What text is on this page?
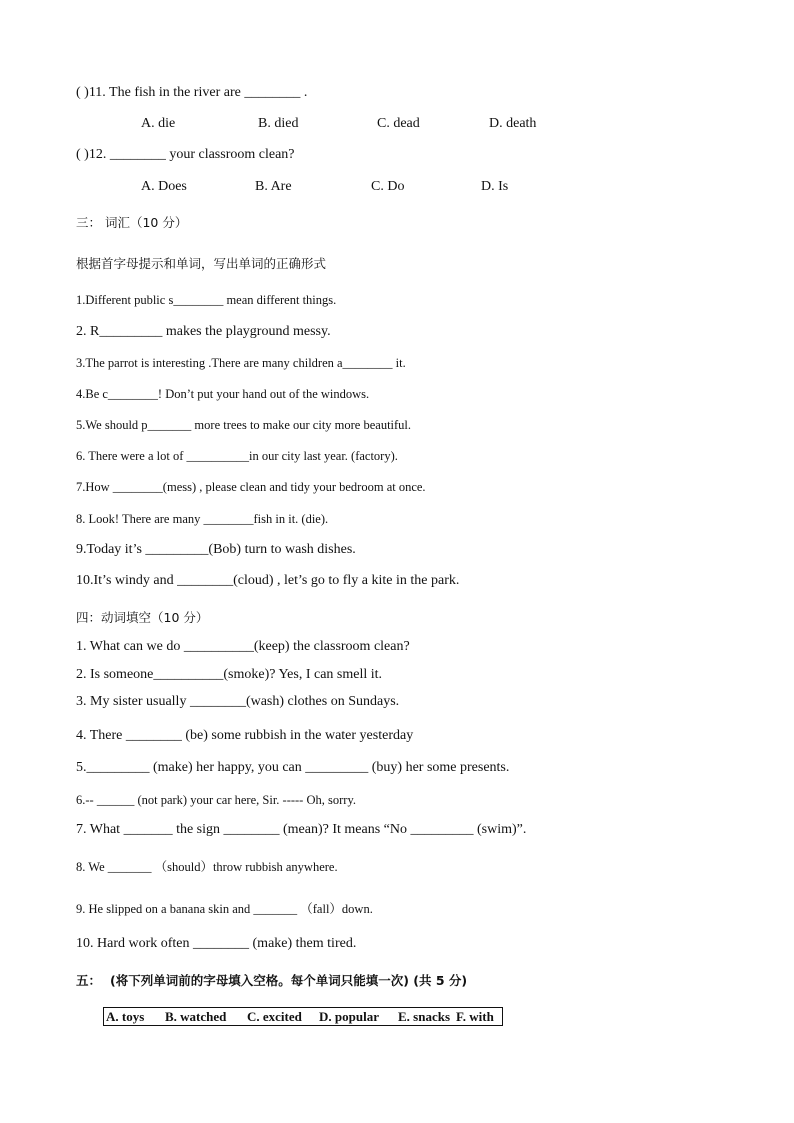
( )11. The fish in the river are ________ .
A. die	B. died	C. dead	D. death
( )12. ________ your classroom clean?
A. Does	B. Are	C. Do	D. Is
三： 词汇（10 分）
根据首字母提示和单词，写出单词的正确形式
1.Different public s________ mean different things.
2. R_________ makes the playground messy.
3.The parrot is interesting .There are many children a________ it.
4.Be c________! Don’t put your hand out of the windows.
5.We should p_______ more trees to make our city more beautiful.
6. There were a lot of __________in our city last year. (factory).
7.How ________(mess) , please clean and tidy your bedroom at once.
8. Look! There are many ________fish in it. (die).
9.Today it’s _________(Bob) turn to wash dishes.
10.It’s windy and ________(cloud) , let’s go to fly a kite in the park.
四：动词填空（10 分）
1. What can we do __________(keep) the classroom clean?
2. Is someone__________(smoke)? Yes, I can smell it.
3. My sister usually ________(wash) clothes on Sundays.
4. There ________ (be) some rubbish in the water yesterday
5._________ (make) her happy, you can _________ (buy) her some presents.
6.-- ______ (not park) your car here, Sir. ----- Oh, sorry.
7. What _______ the sign ________ (mean)? It means “No _________ (swim)”.
8. We _______ （should）throw rubbish anywhere.
9. He slipped on a banana skin and _______ （fall）down.
10. Hard work often ________ (make) them tired.
五： (将下列单词前的字母填入空格。每个单词只能填一次) (共 5 分)
A. toys B. watched C. excited D. popular E. snacks F. with
